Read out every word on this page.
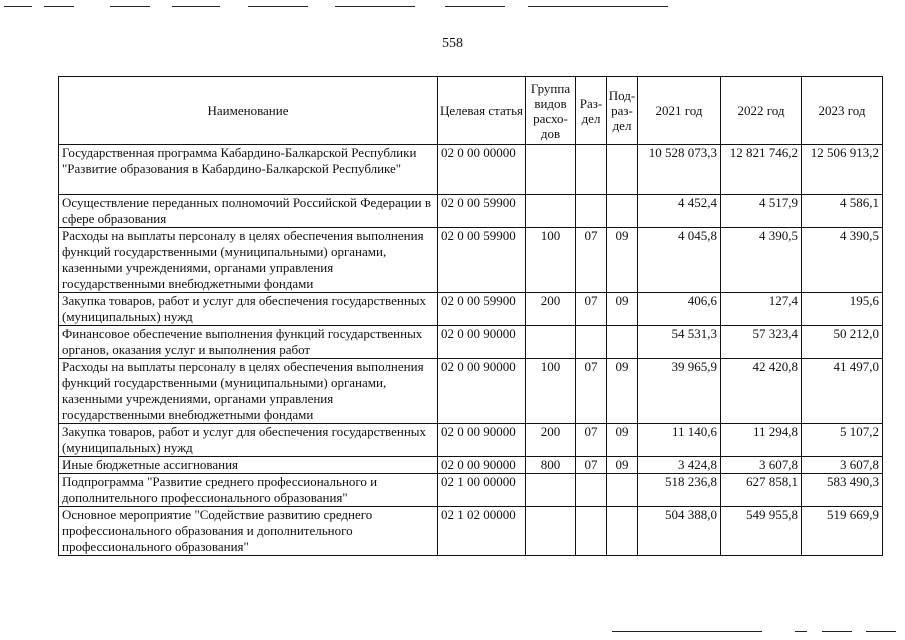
558
Наименование	Целевая статья	Группа видов расхо-дов	Раз-дел	Под-раз-дел	2021 год	2022 год	2023 год
Государственная программа Кабардино-Балкарской Республики "Развитие образования в Кабардино-Балкарской Республике"	02 0 00 00000				10 528 073,3	12 821 746,2	12 506 913,2
Осуществление переданных полномочий Российской Федерации в сфере образования	02 0 00 59900				4 452,4	4 517,9	4 586,1
Расходы на выплаты персоналу в целях обеспечения выполнения функций государственными (муниципальными) органами, казенными учреждениями, органами управления государственными внебюджетными фондами	02 0 00 59900	100	07	09	4 045,8	4 390,5	4 390,5
Закупка товаров, работ и услуг для обеспечения государственных (муниципальных) нужд	02 0 00 59900	200	07	09	406,6	127,4	195,6
Финансовое обеспечение выполнения функций государственных органов, оказания услуг и выполнения работ	02 0 00 90000				54 531,3	57 323,4	50 212,0
Расходы на выплаты персоналу в целях обеспечения выполнения функций государственными (муниципальными) органами, казенными учреждениями, органами управления государственными внебюджетными фондами	02 0 00 90000	100	07	09	39 965,9	42 420,8	41 497,0
Закупка товаров, работ и услуг для обеспечения государственных (муниципальных) нужд	02 0 00 90000	200	07	09	11 140,6	11 294,8	5 107,2
Иные бюджетные ассигнования	02 0 00 90000	800	07	09	3 424,8	3 607,8	3 607,8
Подпрограмма "Развитие среднего профессионального и дополнительного профессионального образования"	02 1 00 00000				518 236,8	627 858,1	583 490,3
Основное мероприятие "Содействие развитию среднего профессионального образования и дополнительного профессионального образования"	02 1 02 00000				504 388,0	549 955,8	519 669,9
